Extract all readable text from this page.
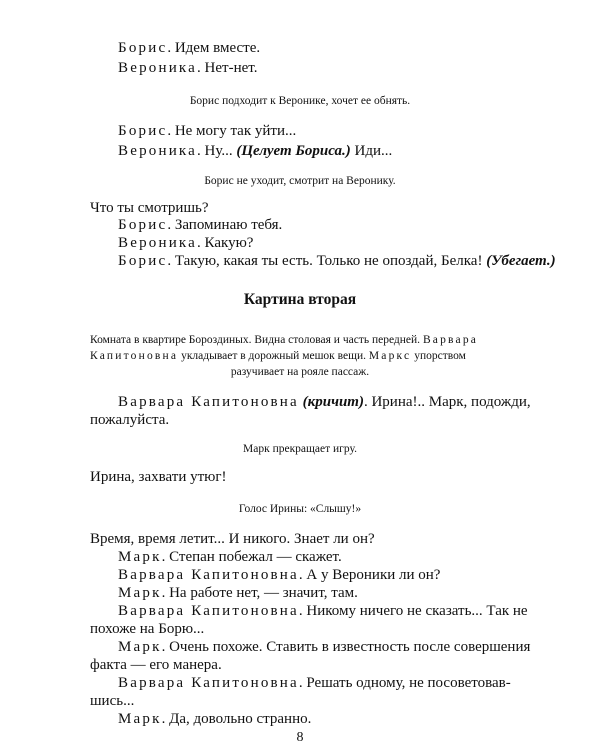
Борис. Идем вместе.
Вероника. Нет-нет.
Борис подходит к Веронике, хочет ее обнять.
Борис. Не могу так уйти...
Вероника. Ну... (Целует Бориса.) Иди...
Борис не уходит, смотрит на Веронику.
Что ты смотришь?
Борис. Запоминаю тебя.
Вероника. Какую?
Борис. Такую, какая ты есть. Только не опоздай, Белка! (Убегает.)
Картина вторая
Комната в квартире Бороздиных. Видна столовая и часть передней. Варвара
Капитоновна укладывает в дорожный мешок вещи. Маркс упорством
разучивает на рояле пассаж.
Варвара Капитоновна (кричит). Ирина!.. Марк, подожди,
пожалуйста.
Марк прекращает игру.
Ирина, захвати утюг!
Голос Ирины: «Слышу!»
Время, время летит... И никого. Знает ли он?
Марк. Степан побежал — скажет.
Варвара Капитоновна. А у Вероники ли он?
Марк. На работе нет, — значит, там.
Варвара Капитоновна. Никому ничего не сказать... Так не
похоже на Борю...
Марк. Очень похоже. Ставить в известность после совершения
факта — его манера.
Варвара Капитоновна. Решать одному, не посоветовав-
шись...
Марк. Да, довольно странно.
8
